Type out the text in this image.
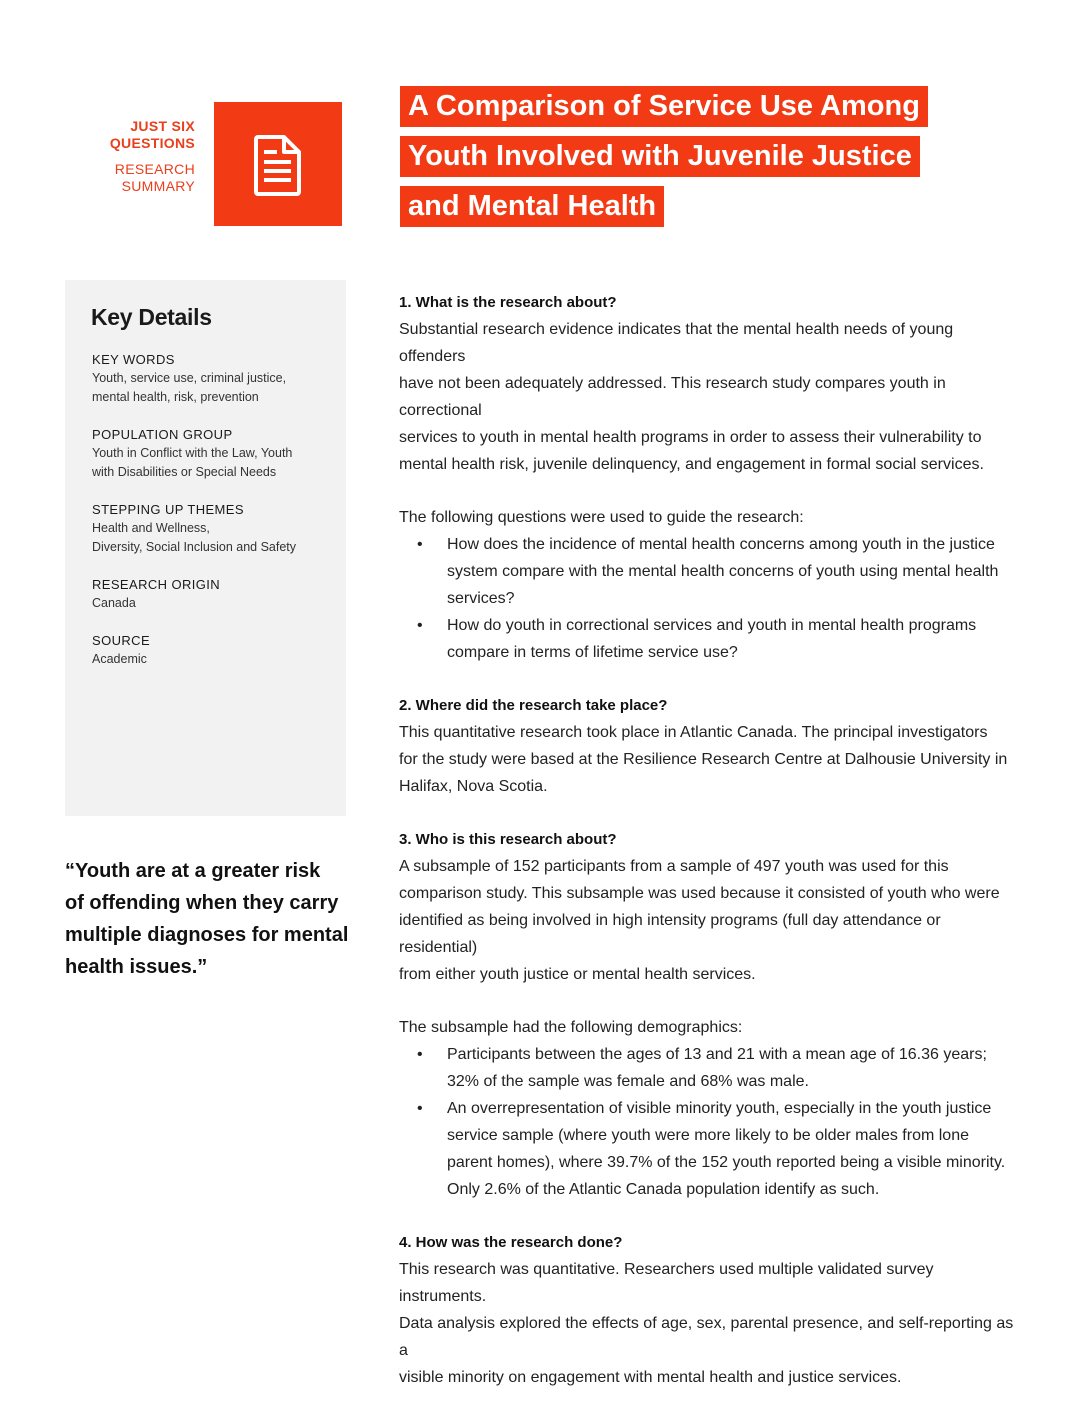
JUST SIX
QUESTIONS
RESEARCH
SUMMARY
A Comparison of Service Use Among
Youth Involved with Juvenile Justice
and Mental Health
Key Details
KEY WORDS
Youth, service use, criminal justice,
mental health, risk, prevention
POPULATION GROUP
Youth in Conflict with the Law, Youth
with Disabilities or Special Needs
STEPPING UP THEMES
Health and Wellness,
Diversity, Social Inclusion and Safety
RESEARCH ORIGIN
Canada
SOURCE
Academic
“Youth are at a greater risk
of offending when they carry
multiple diagnoses for mental
health issues.”
1. What is the research about?

Substantial research evidence indicates that the mental health needs of young offenders

have not been adequately addressed. This research study compares youth in correctional

services to youth in mental health programs in order to assess their vulnerability to

mental health risk, juvenile delinquency, and engagement in formal social services.

The following questions were used to guide the research:

• How does the incidence of mental health concerns among youth in the justice
system compare with the mental health concerns of youth using mental health
services?
• How do youth in correctional services and youth in mental health programs
compare in terms of lifetime service use?
2. Where did the research take place?

This quantitative research took place in Atlantic Canada. The principal investigators

for the study were based at the Resilience Research Centre at Dalhousie University in

Halifax, Nova Scotia.

3. Who is this research about?

A subsample of 152 participants from a sample of 497 youth was used for this

comparison study. This subsample was used because it consisted of youth who were

identified as being involved in high intensity programs (full day attendance or residential)

from either youth justice or mental health services.

The subsample had the following demographics:

• Participants between the ages of 13 and 21 with a mean age of 16.36 years;
32% of the sample was female and 68% was male.
• An overrepresentation of visible minority youth, especially in the youth justice
service sample (where youth were more likely to be older males from lone
parent homes), where 39.7% of the 152 youth reported being a visible minority.
Only 2.6% of the Atlantic Canada population identify as such.
4. How was the research done?

This research was quantitative. Researchers used multiple validated survey instruments.

Data analysis explored the effects of age, sex, parental presence, and self-reporting as a

visible minority on engagement with mental health and justice services.
